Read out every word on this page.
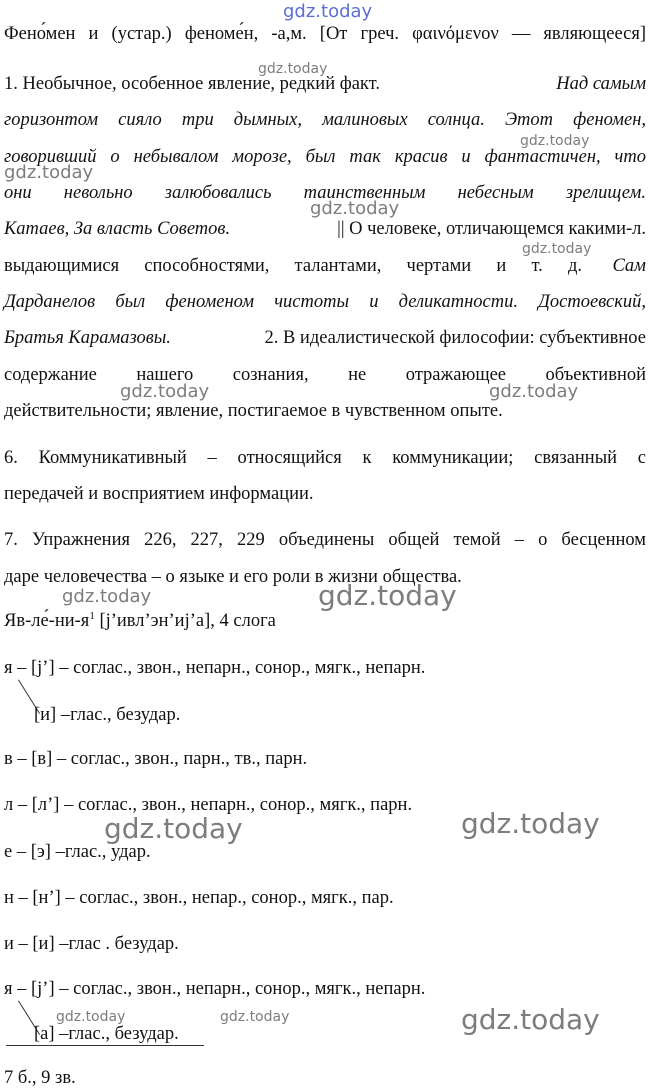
gdz.today
Фено́мен и (устар.) феноме́н, -а,м. [От греч. φαινόμενον — являющееся]
1. Необычное, особенное явление, редкий факт.	Над самым
горизонтом сияло три дымных, малиновых солнца. Этот феномен,
говоривший о небывалом морозе, был так красив и фантастичен, что
они невольно залюбовались таинственным небесным зрелищем.
Катаев, За власть Советов.	|| О человеке, отличающемся какими-л.
выдающимися способностями, талантами, чертами и т. д. Сам
Дарданелов был феноменом чистоты и деликатности. Достоевский,
Братья Карамазовы.	2. В идеалистической философии: субъективное
содержание нашего сознания, не отражающее объективной
действительности; явление, постигаемое в чувственном опыте.
6. Коммуникативный – относящийся к коммуникации; связанный с
передачей и восприятием информации.
7. Упражнения 226, 227, 229 объединены общей темой – о бесценном
даре человечества – о языке и его роли в жизни общества.
$Яв-ле́-ни-я^1$ [j’ивл’эн’иj’а], 4 слога
я – [j’] – соглас., звон., непарн., сонор., мягк., непарн.
[и] –глас., безудар.
в – [в] – соглас., звон., парн., тв., парн.
л – [л’] – соглас., звон., непарн., сонор., мягк., парн.
е – [э] –глас., удар.
н – [н’] – соглас., звон., непар., сонор., мягк., пар.
и – [и] –глас . безудар.
я – [j’] – соглас., звон., непарн., сонор., мягк., непарн.
[а] –глас., безудар.
7 б., 9 зв.
gdz.today
gdz.today
gdz.today
gdz.today
gdz.today
gdz.today	gdz.today
gdz.today	gdz.today
gdz.today	gdz.today
gdz.today	gdz.today	gdz.today
